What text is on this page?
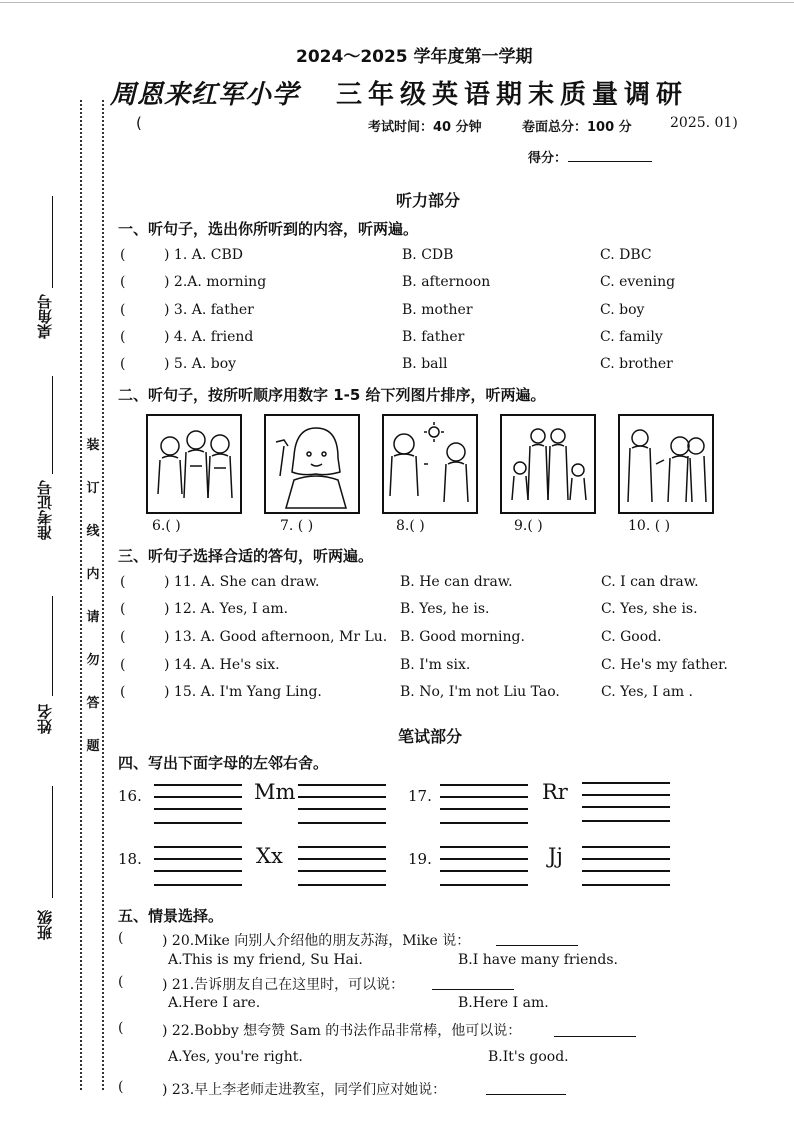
2024～2025 学年度第一学期
周恩来红军小学 三年级英语期末质量调研
(	考试时间：40 分钟	卷面总分：100 分	2025. 01)
得分：
桌角号
准考证号
姓名
班级
装
订
线
内
请
勿
答
题
听力部分
一、听句子，选出你所听到的内容，听两遍。
(	) 1. A. CBD	B. CDB	C. DBC
(	) 2.A. morning	B. afternoon	C. evening
(	) 3. A. father	B. mother	C. boy
(	) 4. A. friend	B. father	C. family
(	) 5. A. boy	B. ball	C. brother
二、听句子，按所听顺序用数字 1-5 给下列图片排序，听两遍。
6.( )	7. ( )	8.( )	9.( )	10. ( )
三、听句子选择合适的答句，听两遍。
(	) 11. A. She can draw.	B. He can draw.	C. I can draw.
(	) 12. A. Yes, I am.	B. Yes, he is.	C. Yes, she is.
(	) 13. A. Good afternoon, Mr Lu. B. Good morning.	C. Good.
(	) 14. A. He's six.	B. I'm six.	C. He's my father.
(	) 15. A. I'm Yang Ling.	B. No, I'm not Liu Tao.	C. Yes, I am .
笔试部分
四、写出下面字母的左邻右舍。
16.	Mm	17.	Rr
18.	Xx	19.	Jj
五、情景选择。
(	) 20.Mike 向别人介绍他的朋友苏海，Mike 说：
A.This is my friend, Su Hai.	B.I have many friends.
(	) 21.告诉朋友自己在这里时，可以说：
A.Here I are.	B.Here I am.
(	) 22.Bobby 想夸赞 Sam 的书法作品非常棒，他可以说：
A.Yes, you're right.	B.It's good.
(	) 23.早上李老师走进教室，同学们应对她说：
